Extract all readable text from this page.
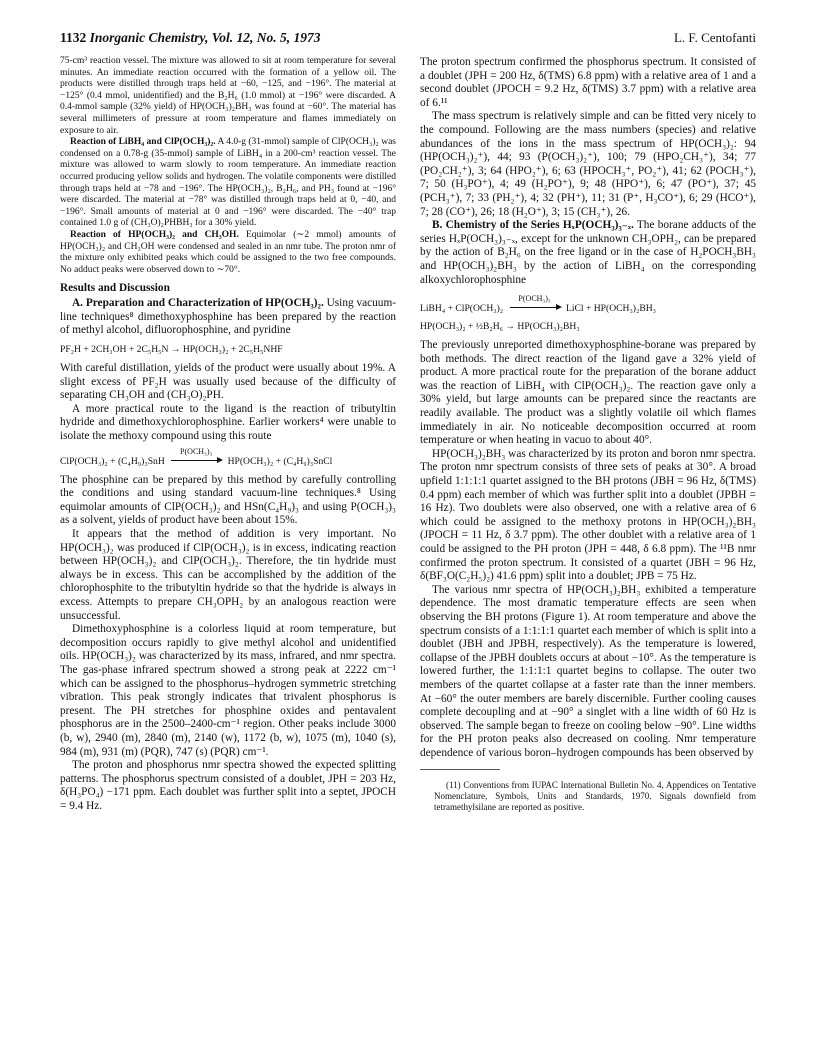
1132 Inorganic Chemistry, Vol. 12, No. 5, 1973	L. F. Centofanti

75-cm³ reaction vessel. The mixture was allowed to sit at room temperature for several minutes. An immediate reaction occurred with the formation of a yellow oil. The products were distilled through traps held at −60, −125, and −196°. The material at −125° (0.4 mmol, unidentified) and the B₂H₆ (1.0 mmol) at −196° were discarded. A 0.4-mmol sample (32% yield) of HP(OCH₃)₂BH₃ was found at −60°. The material has several millimeters of pressure at room temperature and flames immediately on exposure to air.

Reaction of LiBH₄ and ClP(OCH₃)₂. A 4.0-g (31-mmol) sample of ClP(OCH₃)₂ was condensed on a 0.78-g (35-mmol) sample of LiBH₄ in a 200-cm³ reaction vessel. The mixture was allowed to warm slowly to room temperature. An immediate reaction occurred producing yellow solids and hydrogen. The volatile components were distilled through traps held at −78 and −196°. The HP(OCH₃)₂, B₂H₆, and PH₃ found at −196° were discarded. The material at −78° was distilled through traps held at 0, −40, and −196°. Small amounts of material at 0 and −196° were discarded. The −40° trap contained 1.0 g of (CH₃O)₂PHBH₃ for a 30% yield.

Reaction of HP(OCH₃)₂ and CH₃OH. Equimolar (∼2 mmol) amounts of HP(OCH₃)₂ and CH₃OH were condensed and sealed in an nmr tube. The proton nmr of the mixture only exhibited peaks which could be assigned to the two free compounds. No adduct peaks were observed down to ∼70°.

Results and Discussion

A. Preparation and Characterization of HP(OCH₃)₂. Using vacuum-line techniques⁸ dimethoxyphosphine has been prepared by the reaction of methyl alcohol, difluorophosphine, and pyridine

PF₂H + 2CH₃OH + 2C₅H₅N → HP(OCH₃)₂ + 2C₅H₅NHF

With careful distillation, yields of the product were usually about 19%. A slight excess of PF₂H was usually used because of the difficulty of separating CH₃OH and (CH₃O)₂PH.

A more practical route to the ligand is the reaction of tributyltin hydride and dimethoxychlorophosphine. Earlier workers⁴ were unable to isolate the methoxy compound using this route

ClP(OCH₃)₂ + (C₄H₉)₃SnH
P(OCH₃)₃
HP(OCH₃)₂ + (C₄H₉)₃SnCl

The phosphine can be prepared by this method by carefully controlling the conditions and using standard vacuum-line techniques.⁸ Using equimolar amounts of ClP(OCH₃)₂ and HSn(C₄H₉)₃ and using P(OCH₃)₃ as a solvent, yields of product have been about 15%.

It appears that the method of addition is very important. No HP(OCH₃)₂ was produced if ClP(OCH₃)₂ is in excess, indicating reaction between HP(OCH₃)₂ and ClP(OCH₃)₂. Therefore, the tin hydride must always be in excess. This can be accomplished by the addition of the chlorophosphite to the tributyltin hydride so that the hydride is always in excess. Attempts to prepare CH₃OPH₂ by an analogous reaction were unsuccessful.

Dimethoxyphosphine is a colorless liquid at room temperature, but decomposition occurs rapidly to give methyl alcohol and unidentified oils. HP(OCH₃)₂ was characterized by its mass, infrared, and nmr spectra. The gas-phase infrared spectrum showed a strong peak at 2222 cm⁻¹ which can be assigned to the phosphorus–hydrogen symmetric stretching vibration. This peak strongly indicates that trivalent phosphorus is present. The PH stretches for phosphine oxides and pentavalent phosphorus are in the 2500–2400-cm⁻¹ region. Other peaks include 3000 (b, w), 2940 (m), 2840 (m), 2140 (w), 1172 (b, w), 1075 (m), 1040 (s), 984 (m), 931 (m) (PQR), 747 (s) (PQR) cm⁻¹.

The proton and phosphorus nmr spectra showed the expected splitting patterns. The phosphorus spectrum consisted of a doublet, JPH = 203 Hz, δ(H₃PO₄) −171 ppm. Each doublet was further split into a septet, JPOCH = 9.4 Hz.

The proton spectrum confirmed the phosphorus spectrum. It consisted of a doublet (JPH = 200 Hz, δ(TMS) 6.8 ppm) with a relative area of 1 and a second doublet (JPOCH = 9.2 Hz, δ(TMS) 3.7 ppm) with a relative area of 6.¹¹

The mass spectrum is relatively simple and can be fitted very nicely to the compound. Following are the mass numbers (species) and relative abundances of the ions in the mass spectrum of HP(OCH₃)₂: 94 (HP(OCH₃)₂⁺), 44; 93 (P(OCH₃)₂⁺), 100; 79 (HPO₂CH₃⁺), 34; 77 (PO₂CH₂⁺), 3; 64 (HPO₂⁺), 6; 63 (HPOCH₃⁺, PO₂⁺), 41; 62 (POCH₃⁺), 7; 50 (H₃PO⁺), 4; 49 (H₂PO⁺), 9; 48 (HPO⁺), 6; 47 (PO⁺), 37; 45 (PCH₃⁺), 7; 33 (PH₂⁺), 4; 32 (PH⁺), 11; 31 (P⁺, H₃CO⁺), 6; 29 (HCO⁺), 7; 28 (CO⁺), 26; 18 (H₂O⁺), 3; 15 (CH₃⁺), 26.

B. Chemistry of the Series HₓP(OCH₃)₃₋ₓ. The borane adducts of the series HₓP(OCH₃)₃₋ₓ, except for the unknown CH₃OPH₂, can be prepared by the action of B₂H₆ on the free ligand or in the case of H₂POCH₃BH₃ and HP(OCH₃)₂BH₃ by the action of LiBH₄ on the corresponding alkoxychlorophosphine

LiBH₄ + ClP(OCH₃)₂
P(OCH₃)₃
LiCl + HP(OCH₃)₂BH₃
HP(OCH₃)₂ + ½B₂H₆ → HP(OCH₃)₂BH₃

The previously unreported dimethoxyphosphine-borane was prepared by both methods. The direct reaction of the ligand gave a 32% yield of product. A more practical route for the preparation of the borane adduct was the reaction of LiBH₄ with ClP(OCH₃)₂. The reaction gave only a 30% yield, but large amounts can be prepared since the reactants are readily available. The product was a slightly volatile oil which flames immediately in air. No noticeable decomposition occurred at room temperature or when heating in vacuo to about 40°.

HP(OCH₃)₂BH₃ was characterized by its proton and boron nmr spectra. The proton nmr spectrum consists of three sets of peaks at 30°. A broad upfield 1:1:1:1 quartet assigned to the BH protons (JBH = 96 Hz, δ(TMS) 0.4 ppm) each member of which was further split into a doublet (JPBH = 16 Hz). Two doublets were also observed, one with a relative area of 6 which could be assigned to the methoxy protons in HP(OCH₃)₂BH₃ (JPOCH = 11 Hz, δ 3.7 ppm). The other doublet with a relative area of 1 could be assigned to the PH proton (JPH = 448, δ 6.8 ppm). The ¹¹B nmr confirmed the proton spectrum. It consisted of a quartet (JBH = 96 Hz, δ(BF₃O(C₂H₅)₂) 41.6 ppm) split into a doublet; JPB = 75 Hz.

The various nmr spectra of HP(OCH₃)₂BH₃ exhibited a temperature dependence. The most dramatic temperature effects are seen when observing the BH protons (Figure 1). At room temperature and above the spectrum consists of a 1:1:1:1 quartet each member of which is split into a doublet (JBH and JPBH, respectively). As the temperature is lowered, collapse of the JPBH doublets occurs at about −10°. As the temperature is lowered further, the 1:1:1:1 quartet begins to collapse. The outer two members of the quartet collapse at a faster rate than the inner members. At −60° the outer members are barely discernible. Further cooling causes complete decoupling and at −90° a singlet with a line width of 60 Hz is observed. The sample began to freeze on cooling below −90°. Line widths for the PH proton peaks also decreased on cooling. Nmr temperature dependence of various boron–hydrogen compounds has been observed by

(11) Conventions from IUPAC International Bulletin No. 4, Appendices on Tentative Nomenclature, Symbols, Units and Standards, 1970. Signals downfield from tetramethylsilane are reported as positive.
